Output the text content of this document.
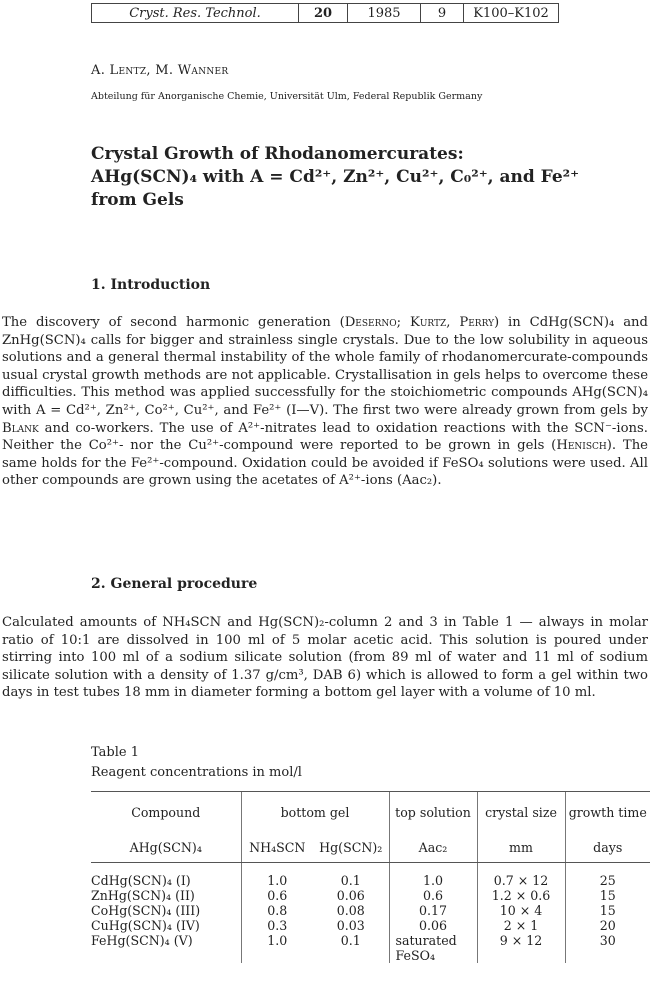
Cryst. Res. Technol.	20	1985	9	K100–K102
A. Lentz, M. Wanner
Abteilung für Anorganische Chemie, Universität Ulm, Federal Republik Germany
Crystal Growth of Rhodanomercurates:
AHg(SCN)₄ with A = Cd²⁺, Zn²⁺, Cu²⁺, C₀²⁺, and Fe²⁺
from Gels
1. Introduction
The discovery of second harmonic generation (Deserno; Kurtz, Perry) in CdHg(SCN)₄ and ZnHg(SCN)₄ calls for bigger and strainless single crystals. Due to the low solubility in aqueous solutions and a general thermal instability of the whole family of rhodanomercurate-compounds usual crystal growth methods are not applicable. Crystallisation in gels helps to overcome these difficulties. This method was applied successfully for the stoichiometric compounds AHg(SCN)₄ with A = Cd²⁺, Zn²⁺, Co²⁺, Cu²⁺, and Fe²⁺ (I—V). The first two were already grown from gels by Blank and co-workers. The use of A²⁺-nitrates lead to oxidation reactions with the SCN⁻-ions. Neither the Co²⁺- nor the Cu²⁺-compound were reported to be grown in gels (Henisch). The same holds for the Fe²⁺-compound. Oxidation could be avoided if FeSO₄ solutions were used. All other compounds are grown using the acetates of A²⁺-ions (Aac₂).
2. General procedure
Calculated amounts of NH₄SCN and Hg(SCN)₂-column 2 and 3 in Table 1 — always in molar ratio of 10:1 are dissolved in 100 ml of 5 molar acetic acid. This solution is poured under stirring into 100 ml of a sodium silicate solution (from 89 ml of water and 11 ml of sodium silicate solution with a density of 1.37 g/cm³, DAB 6) which is allowed to form a gel within two days in test tubes 18 mm in diameter forming a bottom gel layer with a volume of 10 ml.
Table 1
Reagent concentrations in mol/l
Compound	bottom gel		top solution	crystal size	growth time
AHg(SCN)₄	NH₄SCN	Hg(SCN)₂	Aac₂	mm	days

CdHg(SCN)₄ (I)	1.0	0.1	1.0	0.7 × 12	25
ZnHg(SCN)₄ (II)	0.6	0.06	0.6	1.2 × 0.6	15
CoHg(SCN)₄ (III)	0.8	0.08	0.17	10 × 4	15
CuHg(SCN)₄ (IV)	0.3	0.03	0.06	2 × 1	20
FeHg(SCN)₄ (V)	1.0	0.1	saturated FeSO₄	9 × 12	30
